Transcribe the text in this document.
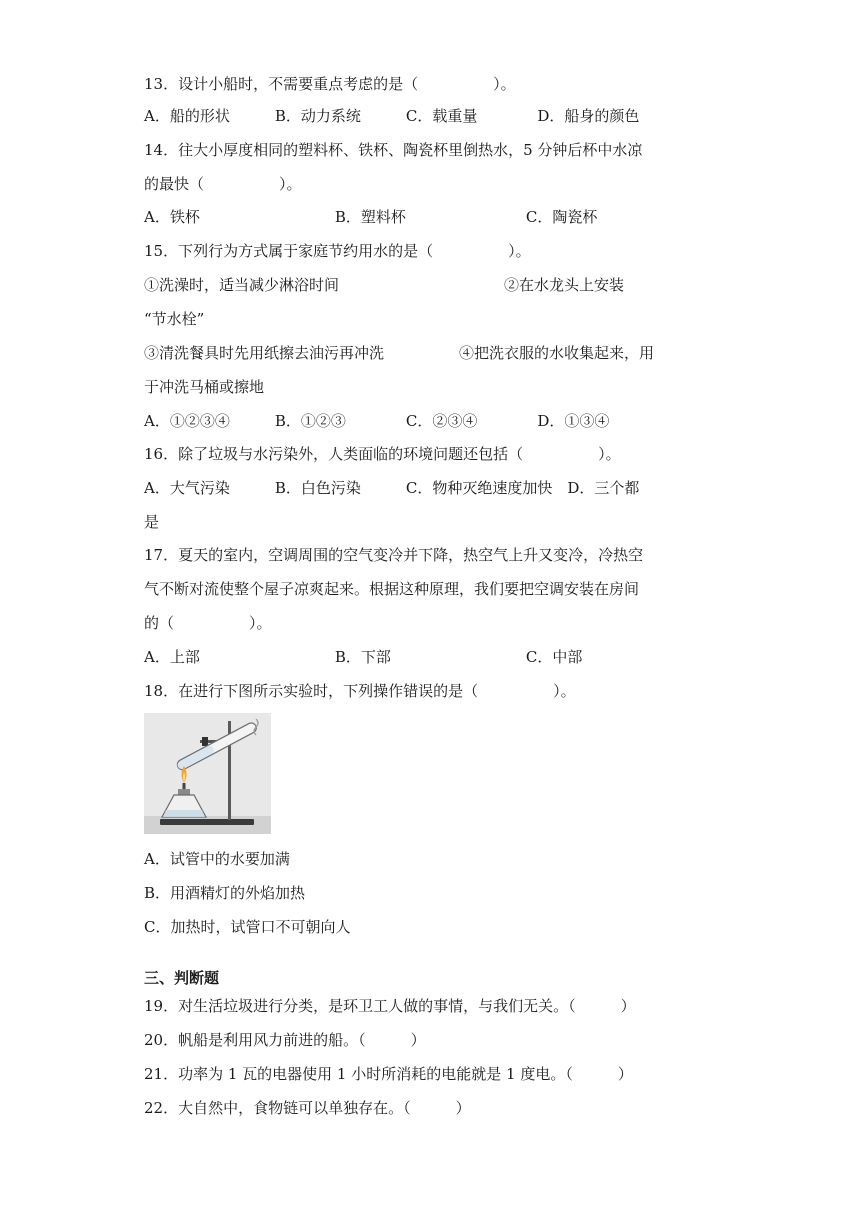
13．设计小船时，不需要重点考虑的是（　　　　　）。
A．船的形状　　　B．动力系统　　　C．载重量　　　　D．船身的颜色
14．往大小厚度相同的塑料杯、铁杯、陶瓷杯里倒热水，5 分钟后杯中水凉
的最快（　　　　　）。
A．铁杯　　　　　　　　　B．塑料杯　　　　　　　　C．陶瓷杯
15．下列行为方式属于家庭节约用水的是（　　　　　）。
①洗澡时，适当减少淋浴时间　　　　　　　　　　　②在水龙头上安装
“节水栓”
③清洗餐具时先用纸擦去油污再冲洗　　　　　④把洗衣服的水收集起来，用
于冲洗马桶或擦地
A．①②③④　　　B．①②③　　　　C．②③④　　　　D．①③④
16．除了垃圾与水污染外，人类面临的环境问题还包括（　　　　　）。
A．大气污染　　　B．白色污染　　　C．物种灭绝速度加快　D．三个都
是
17．夏天的室内，空调周围的空气变冷并下降，热空气上升又变冷，冷热空
气不断对流使整个屋子凉爽起来。根据这种原理，我们要把空调安装在房间
的（　　　　　）。
A．上部　　　　　　　　　B．下部　　　　　　　　　C．中部
18．在进行下图所示实验时，下列操作错误的是（　　　　　）。
A．试管中的水要加满
B．用酒精灯的外焰加热
C．加热时，试管口不可朝向人
三、判断题
19．对生活垃圾进行分类，是环卫工人做的事情，与我们无关。（　　　）
20．帆船是利用风力前进的船。（　　　）
21．功率为 1 瓦的电器使用 1 小时所消耗的电能就是 1 度电。（　　　）
22．大自然中，食物链可以单独存在。（　　　）
